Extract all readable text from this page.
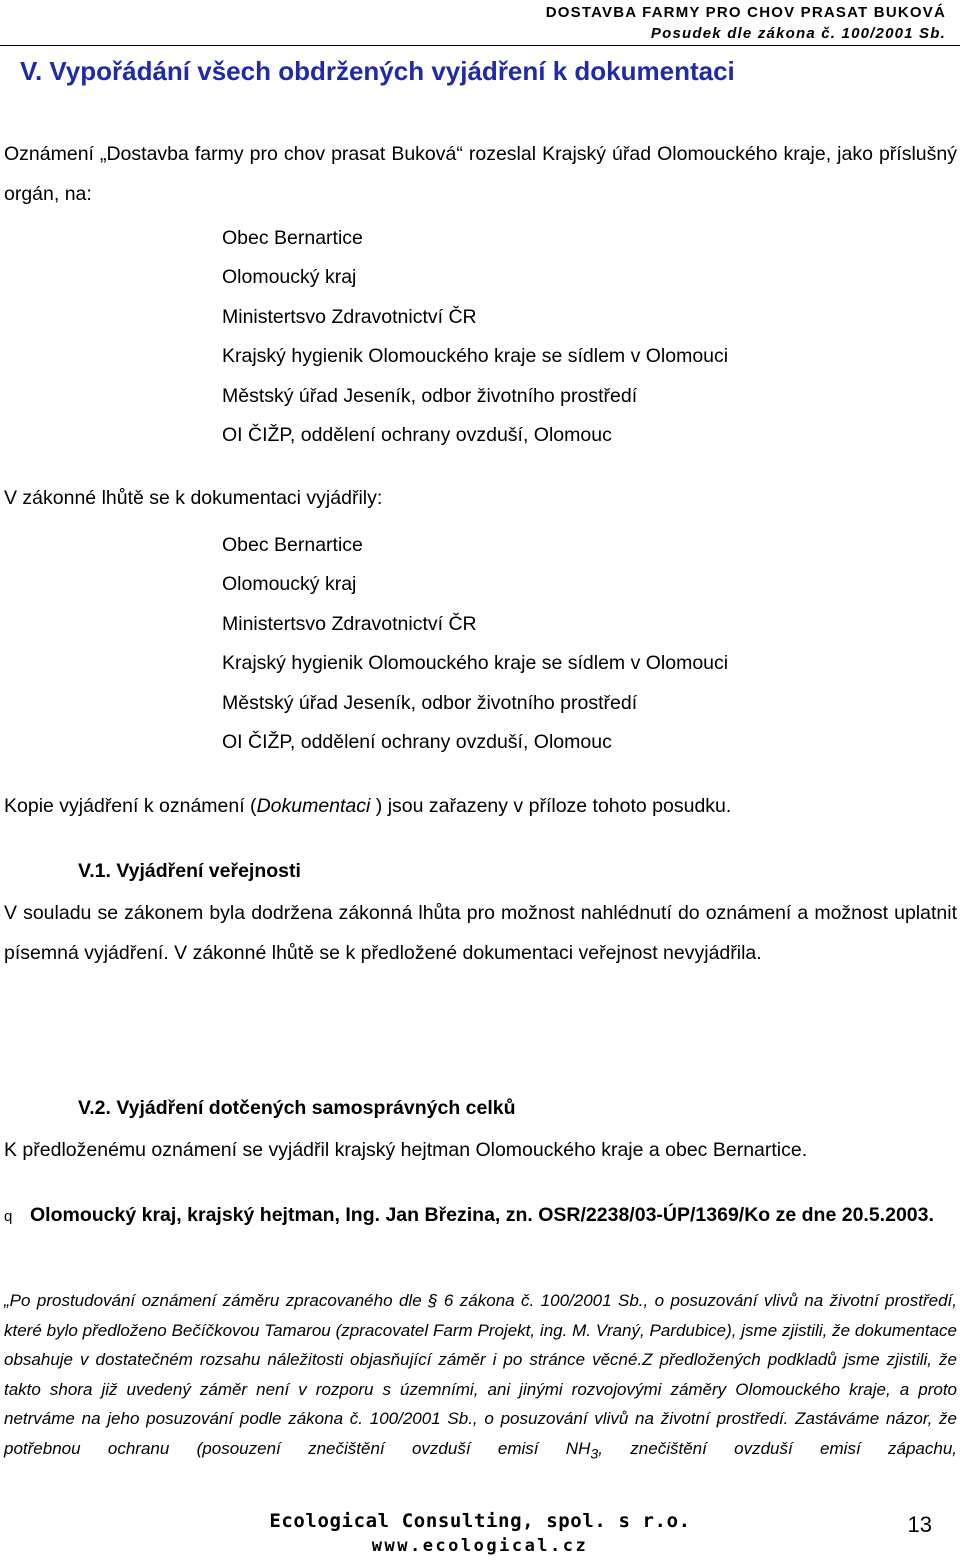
DOSTAVBA FARMY PRO CHOV PRASAT BUKOVÁ
Posudek dle zákona č. 100/2001 Sb.
V. Vypořádání všech obdržených vyjádření k dokumentaci
Oznámení „Dostavba farmy pro chov prasat Buková“ rozeslal Krajský úřad Olomouckého kraje, jako příslušný orgán, na:
Obec Bernartice
Olomoucký kraj
Ministertsvo Zdravotnictví ČR
Krajský hygienik Olomouckého kraje se sídlem v Olomouci
Městský úřad Jeseník, odbor životního prostředí
OI ČIŽP, oddělení ochrany ovzduší, Olomouc
V zákonné lhůtě se k dokumentaci vyjádřily:
Obec Bernartice
Olomoucký kraj
Ministertsvo Zdravotnictví ČR
Krajský hygienik Olomouckého kraje se sídlem v Olomouci
Městský úřad Jeseník, odbor životního prostředí
OI ČIŽP, oddělení ochrany ovzduší, Olomouc
Kopie vyjádření k oznámení (Dokumentaci ) jsou zařazeny v příloze tohoto posudku.
V.1. Vyjádření veřejnosti
V souladu se zákonem byla dodržena zákonná lhůta pro možnost nahlédnutí do oznámení a možnost uplatnit písemná vyjádření. V zákonné lhůtě se k předložené dokumentaci veřejnost nevyjádřila.
V.2. Vyjádření dotčených samosprávných celků
K předloženému oznámení se vyjádřil krajský hejtman Olomouckého kraje a obec Bernartice.
q Olomoucký kraj, krajský hejtman, Ing. Jan Březina, zn. OSR/2238/03-ÚP/1369/Ko ze dne 20.5.2003.
„Po prostudování oznámení záměru zpracovaného dle § 6 zákona č. 100/2001 Sb., o posuzování vlivů na životní prostředí, které bylo předloženo Bečíčkovou Tamarou (zpracovatel Farm Projekt, ing. M. Vraný, Pardubice), jsme zjistili, že dokumentace obsahuje v dostatečném rozsahu náležitosti objasňující záměr i po stránce věcné.Z předložených podkladů jsme zjistili, že takto shora již uvedený záměr není v rozporu s územními, ani jinými rozvojovými záměry Olomouckého kraje, a proto netrváme na jeho posuzování podle zákona č. 100/2001 Sb., o posuzování vlivů na životní prostředí. Zastáváme názor, že potřebnou ochranu (posouzení znečištění ovzduší emisí $NH_3$, znečištění ovzduší emisí zápachu,
Ecological Consulting, spol. s r.o.
www.ecological.cz
13
